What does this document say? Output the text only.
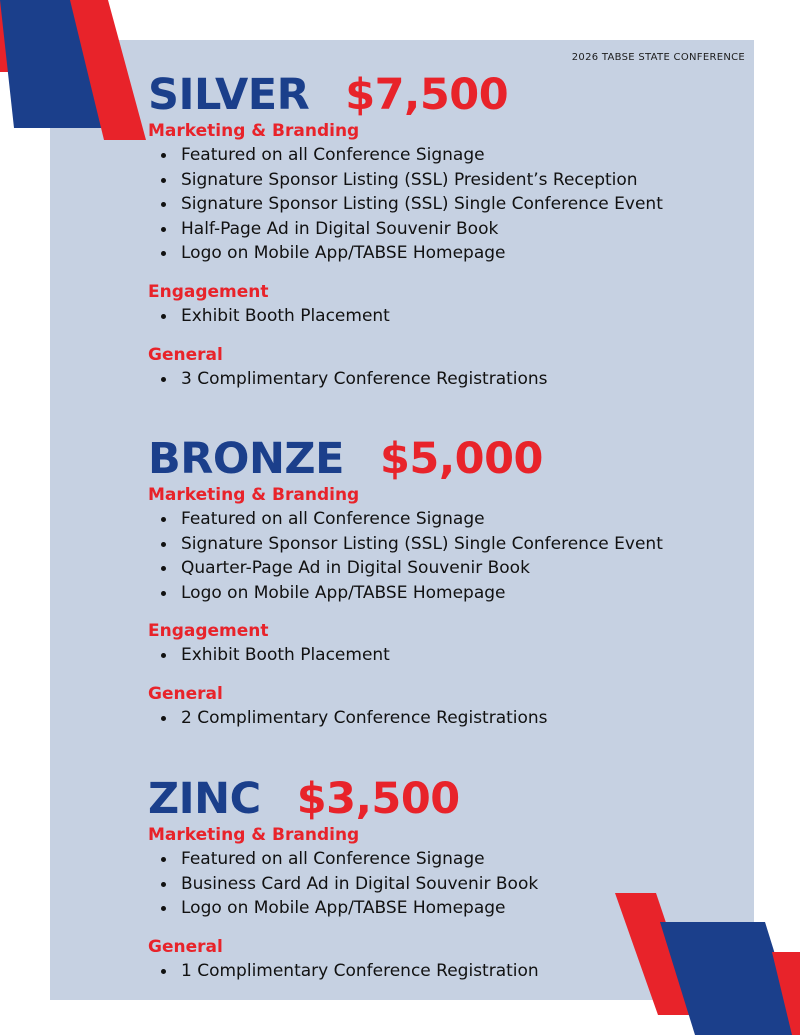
2026 TABSE STATE CONFERENCE
SILVER $7,500
Marketing & Branding
Featured on all Conference Signage
Signature Sponsor Listing (SSL) President’s Reception
Signature Sponsor Listing (SSL) Single Conference Event
Half-Page Ad in Digital Souvenir Book
Logo on Mobile App/TABSE Homepage
Engagement
Exhibit Booth Placement
General
3 Complimentary Conference Registrations
BRONZE $5,000
Marketing & Branding
Featured on all Conference Signage
Signature Sponsor Listing (SSL) Single Conference Event
Quarter-Page Ad in Digital Souvenir Book
Logo on Mobile App/TABSE Homepage
Engagement
Exhibit Booth Placement
General
2 Complimentary Conference Registrations
ZINC $3,500
Marketing & Branding
Featured on all Conference Signage
Business Card Ad in Digital Souvenir Book
Logo on Mobile App/TABSE Homepage
General
1 Complimentary Conference Registration
